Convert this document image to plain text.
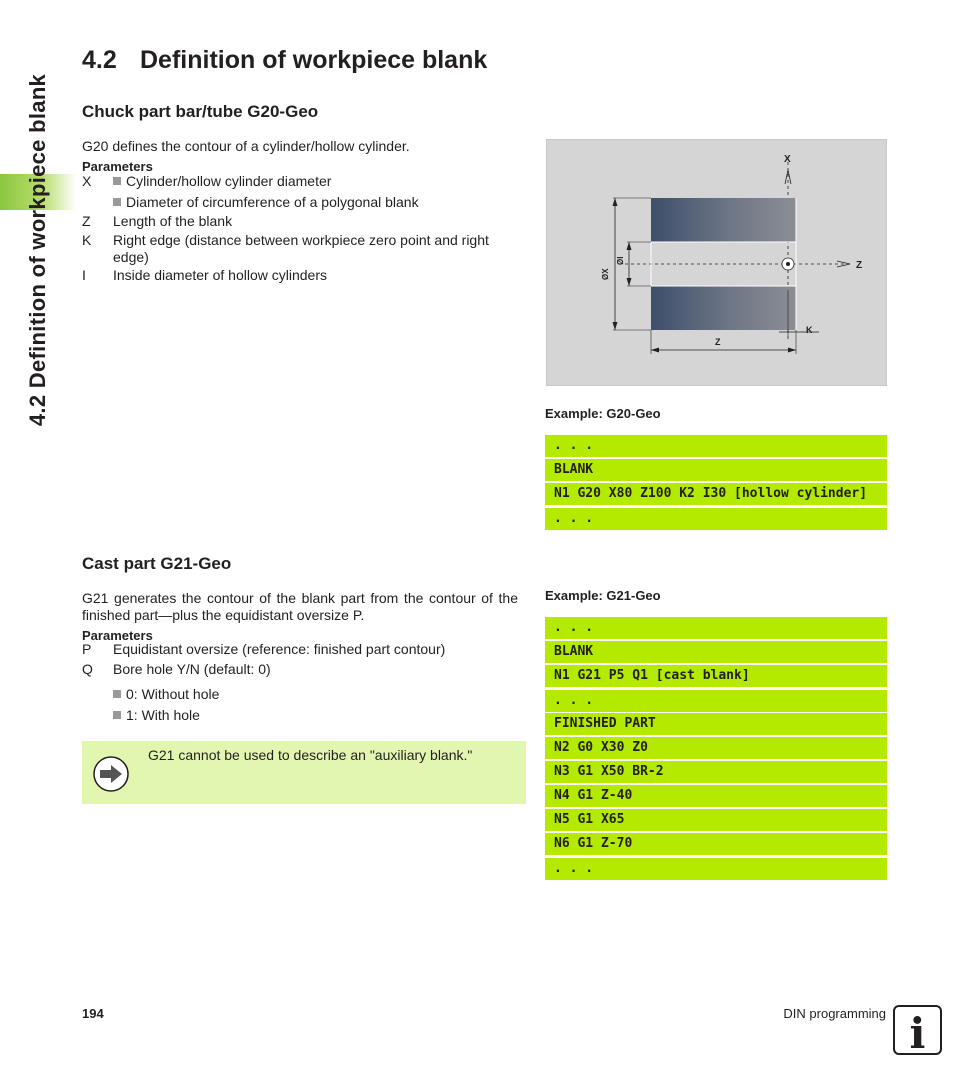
4.2 Definition of workpiece blank
4.2 Definition of workpiece blank
Chuck part bar/tube G20-Geo
G20 defines the contour of a cylinder/hollow cylinder.
Parameters
X	Cylinder/hollow cylinder diameter
Diameter of circumference of a polygonal blank
Z	Length of the blank
K	Right edge (distance between workpiece zero point and right edge)
I	Inside diameter of hollow cylinders
X
Z
ØX
ØI
Z
K
Example: G20-Geo
. . .
BLANK
N1 G20 X80 Z100 K2 I30 [hollow cylinder]
. . .
Cast part G21-Geo
G21 generates the contour of the blank part from the contour of the finished part—plus the equidistant oversize P.
Parameters
P	Equidistant oversize (reference: finished part contour)
Q	Bore hole Y/N (default: 0)
0: Without hole
1: With hole
G21 cannot be used to describe an "auxiliary blank."
Example: G21-Geo
. . .
BLANK
N1 G21 P5 Q1 [cast blank]
. . .
FINISHED PART
N2 G0 X30 Z0
N3 G1 X50 BR-2
N4 G1 Z-40
N5 G1 X65
N6 G1 Z-70
. . .
194	DIN programming i
